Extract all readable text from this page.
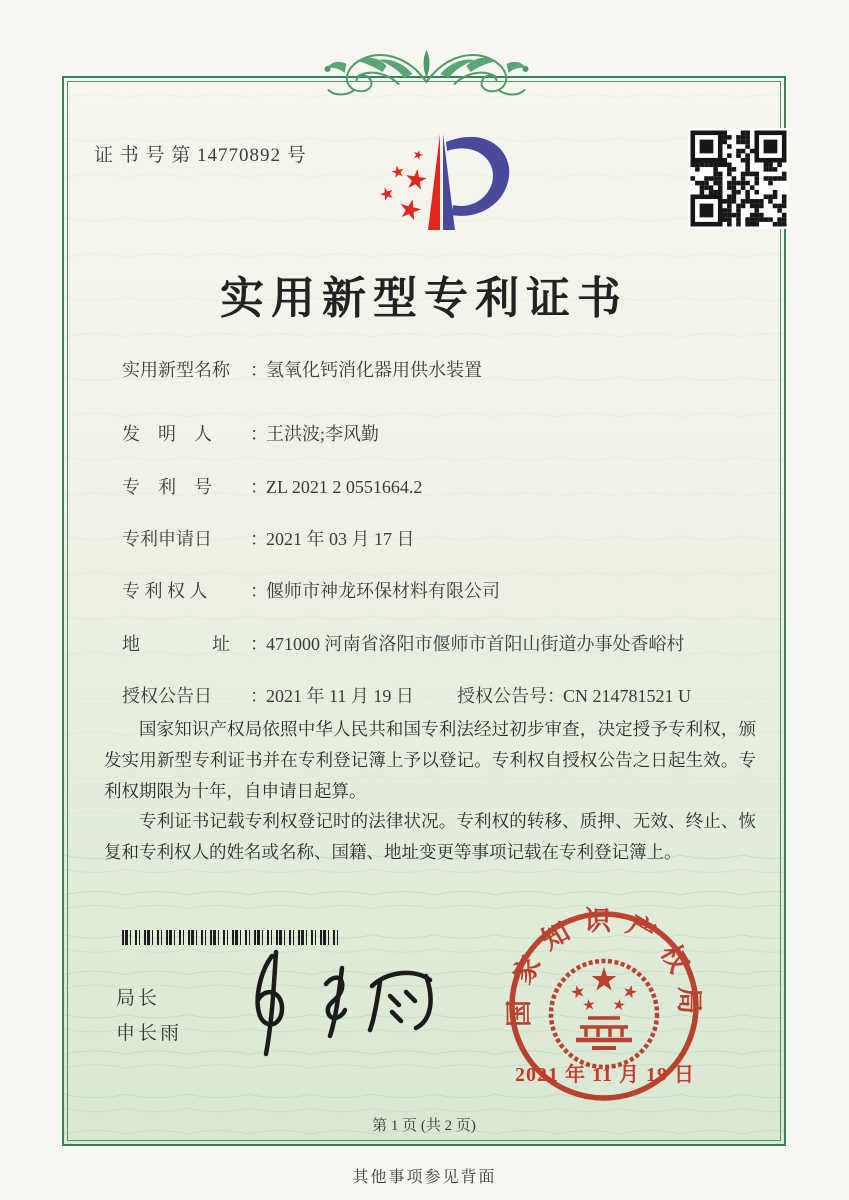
证 书 号 第 14770892 号
实用新型专利证书
实用新型名称	：
氢氧化钙消化器用供水装置
发　明　人	：
王洪波;李风勤
专　利　号	：
ZL 2021 2 0551664.2
专利申请日	：
2021 年 03 月 17 日
专 利 权 人	：
偃师市神龙环保材料有限公司
地　　　　址	：
471000 河南省洛阳市偃师市首阳山街道办事处香峪村
授权公告日	：
2021 年 11 月 19 日 授权公告号 ：
CN 214781521 U

国家知识产权局依照中华人民共和国专利法经过初步审查，决定授予专利权，颁发实用新型专利证书并在专利登记簿上予以登记。专利权自授权公告之日起生效。专利权期限为十年，自申请日起算。

专利证书记载专利权登记时的法律状况。专利权的转移、质押、无效、终止、恢复和专利权人的姓名或名称、国籍、地址变更等事项记载在专利登记簿上。

局长
申长雨
国家知识产权局
2021 年 11 月 19 日
第 1 页 (共 2 页)
其他事项参见背面
